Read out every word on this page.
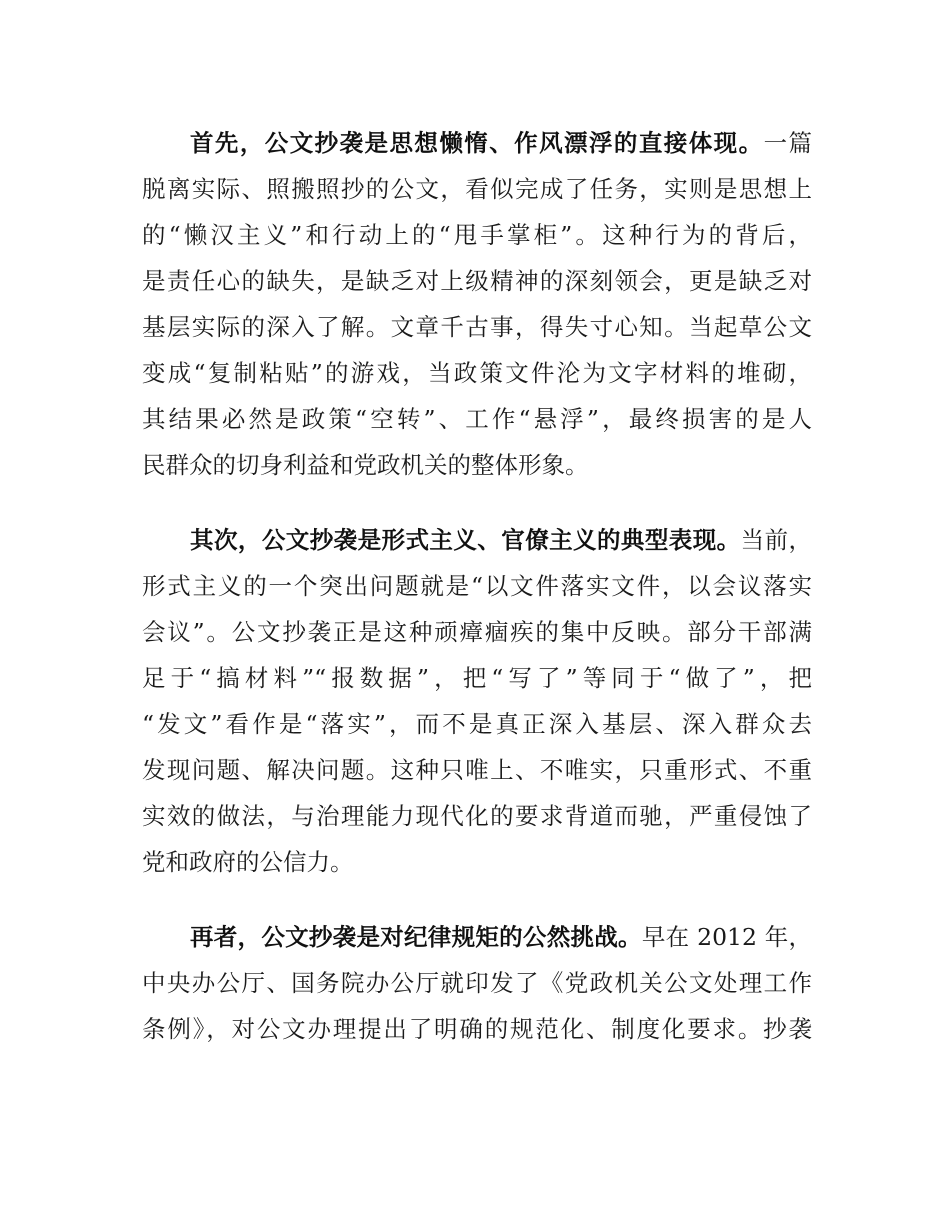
首先，公文抄袭是思想懒惰、作风漂浮的直接体现。一篇
脱离实际、照搬照抄的公文，看似完成了任务，实则是思想上
的“懒汉主义”和行动上的“甩手掌柜”。这种行为的背后，
是责任心的缺失，是缺乏对上级精神的深刻领会，更是缺乏对
基层实际的深入了解。文章千古事，得失寸心知。当起草公文
变成“复制粘贴”的游戏，当政策文件沦为文字材料的堆砌，
其结果必然是政策“空转”、工作“悬浮”，最终损害的是人
民群众的切身利益和党政机关的整体形象。
其次，公文抄袭是形式主义、官僚主义的典型表现。当前，
形式主义的一个突出问题就是“以文件落实文件，以会议落实
会议”。公文抄袭正是这种顽瘴痼疾的集中反映。部分干部满
足于“搞材料”“报数据”，把“写了”等同于“做了”，把
“发文”看作是“落实”，而不是真正深入基层、深入群众去
发现问题、解决问题。这种只唯上、不唯实，只重形式、不重
实效的做法，与治理能力现代化的要求背道而驰，严重侵蚀了
党和政府的公信力。
再者，公文抄袭是对纪律规矩的公然挑战。早在 2012 年，
中央办公厅、国务院办公厅就印发了《党政机关公文处理工作
条例》，对公文办理提出了明确的规范化、制度化要求。抄袭
